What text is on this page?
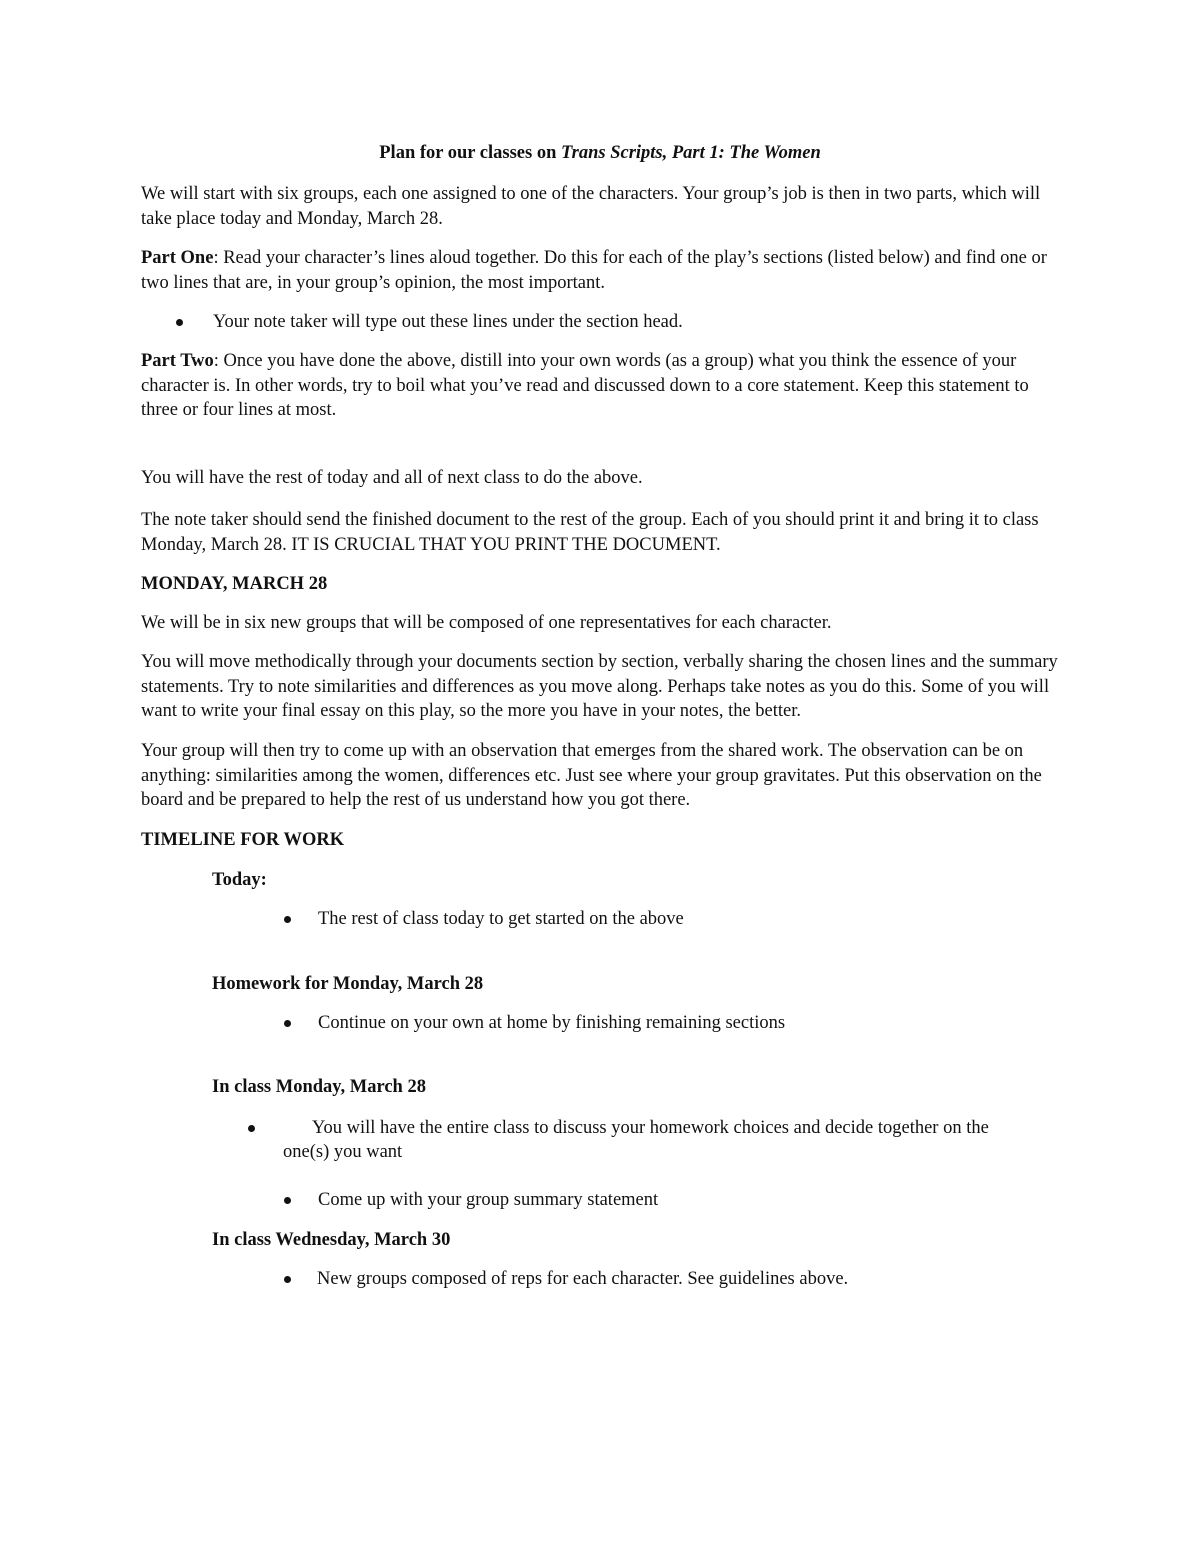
Plan for our classes on Trans Scripts, Part 1: The Women

We will start with six groups, each one assigned to one of the characters. Your group’s job is then in two parts, which will take place today and Monday, March 28.

Part One: Read your character’s lines aloud together. Do this for each of the play’s sections (listed below) and find one or two lines that are, in your group’s opinion, the most important.

Your note taker will type out these lines under the section head.

Part Two: Once you have done the above, distill into your own words (as a group) what you think the essence of your character is. In other words, try to boil what you’ve read and discussed down to a core statement. Keep this statement to three or four lines at most.

You will have the rest of today and all of next class to do the above.

The note taker should send the finished document to the rest of the group. Each of you should print it and bring it to class Monday, March 28. IT IS CRUCIAL THAT YOU PRINT THE DOCUMENT.

MONDAY, MARCH 28

We will be in six new groups that will be composed of one representatives for each character.

You will move methodically through your documents section by section, verbally sharing the chosen lines and the summary statements. Try to note similarities and differences as you move along. Perhaps take notes as you do this. Some of you will want to write your final essay on this play, so the more you have in your notes, the better.

Your group will then try to come up with an observation that emerges from the shared work. The observation can be on anything: similarities among the women, differences etc. Just see where your group gravitates. Put this observation on the board and be prepared to help the rest of us understand how you got there.

TIMELINE FOR WORK

Today:

The rest of class today to get started on the above

Homework for Monday, March 28

Continue on your own at home by finishing remaining sections

In class Monday, March 28

You will have the entire class to discuss your homework choices and decide together on the

one(s) you want

Come up with your group summary statement

In class Wednesday, March 30

New groups composed of reps for each character. See guidelines above.
